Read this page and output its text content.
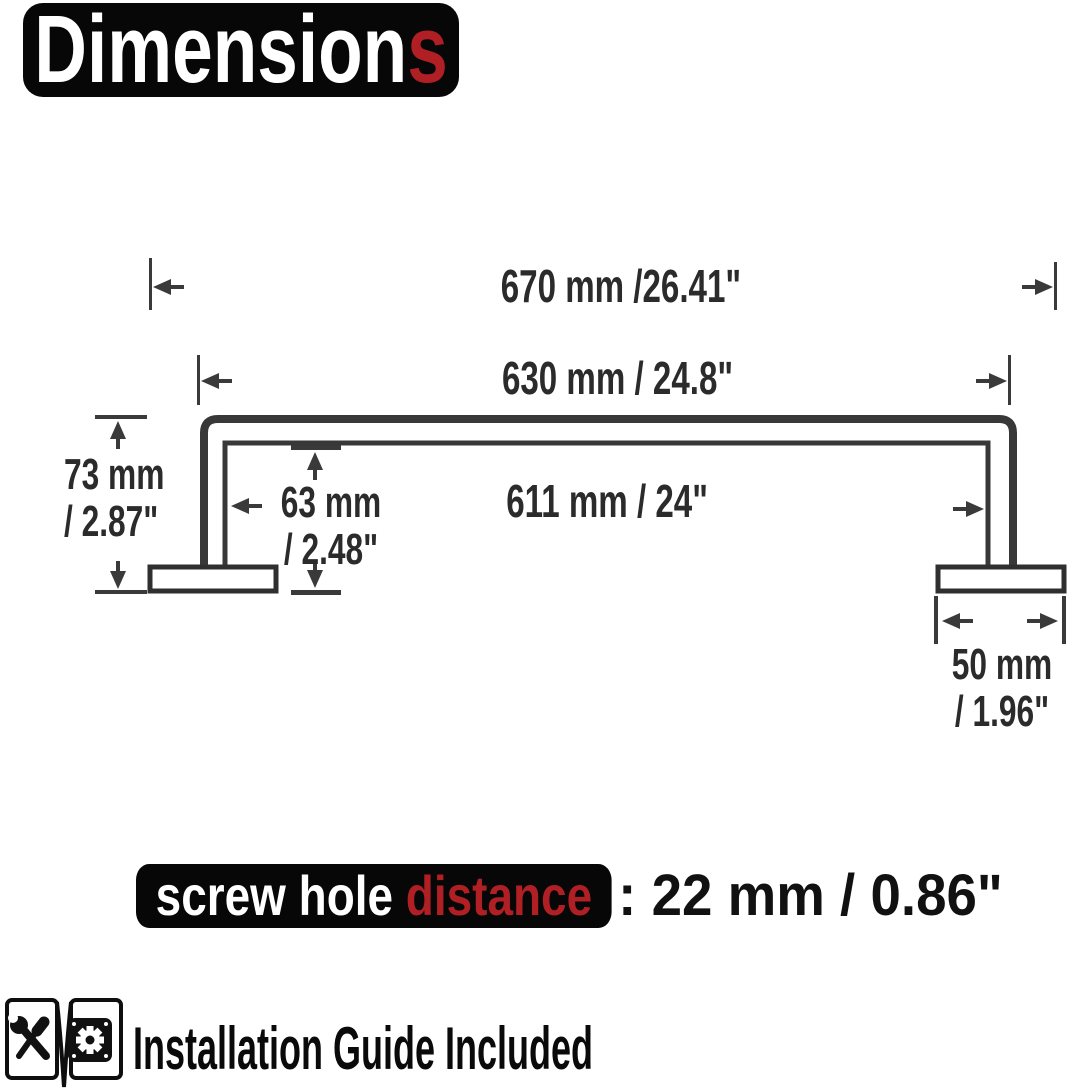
Dimensions
670 mm /26.41"
630 mm / 24.8"
611 mm / 24"
73 mm
/ 2.87"	63 mm
/ 2.48"
50 mm
/ 1.96"
screw hole distance : 22 mm / 0.86"
Installation Guide Included
